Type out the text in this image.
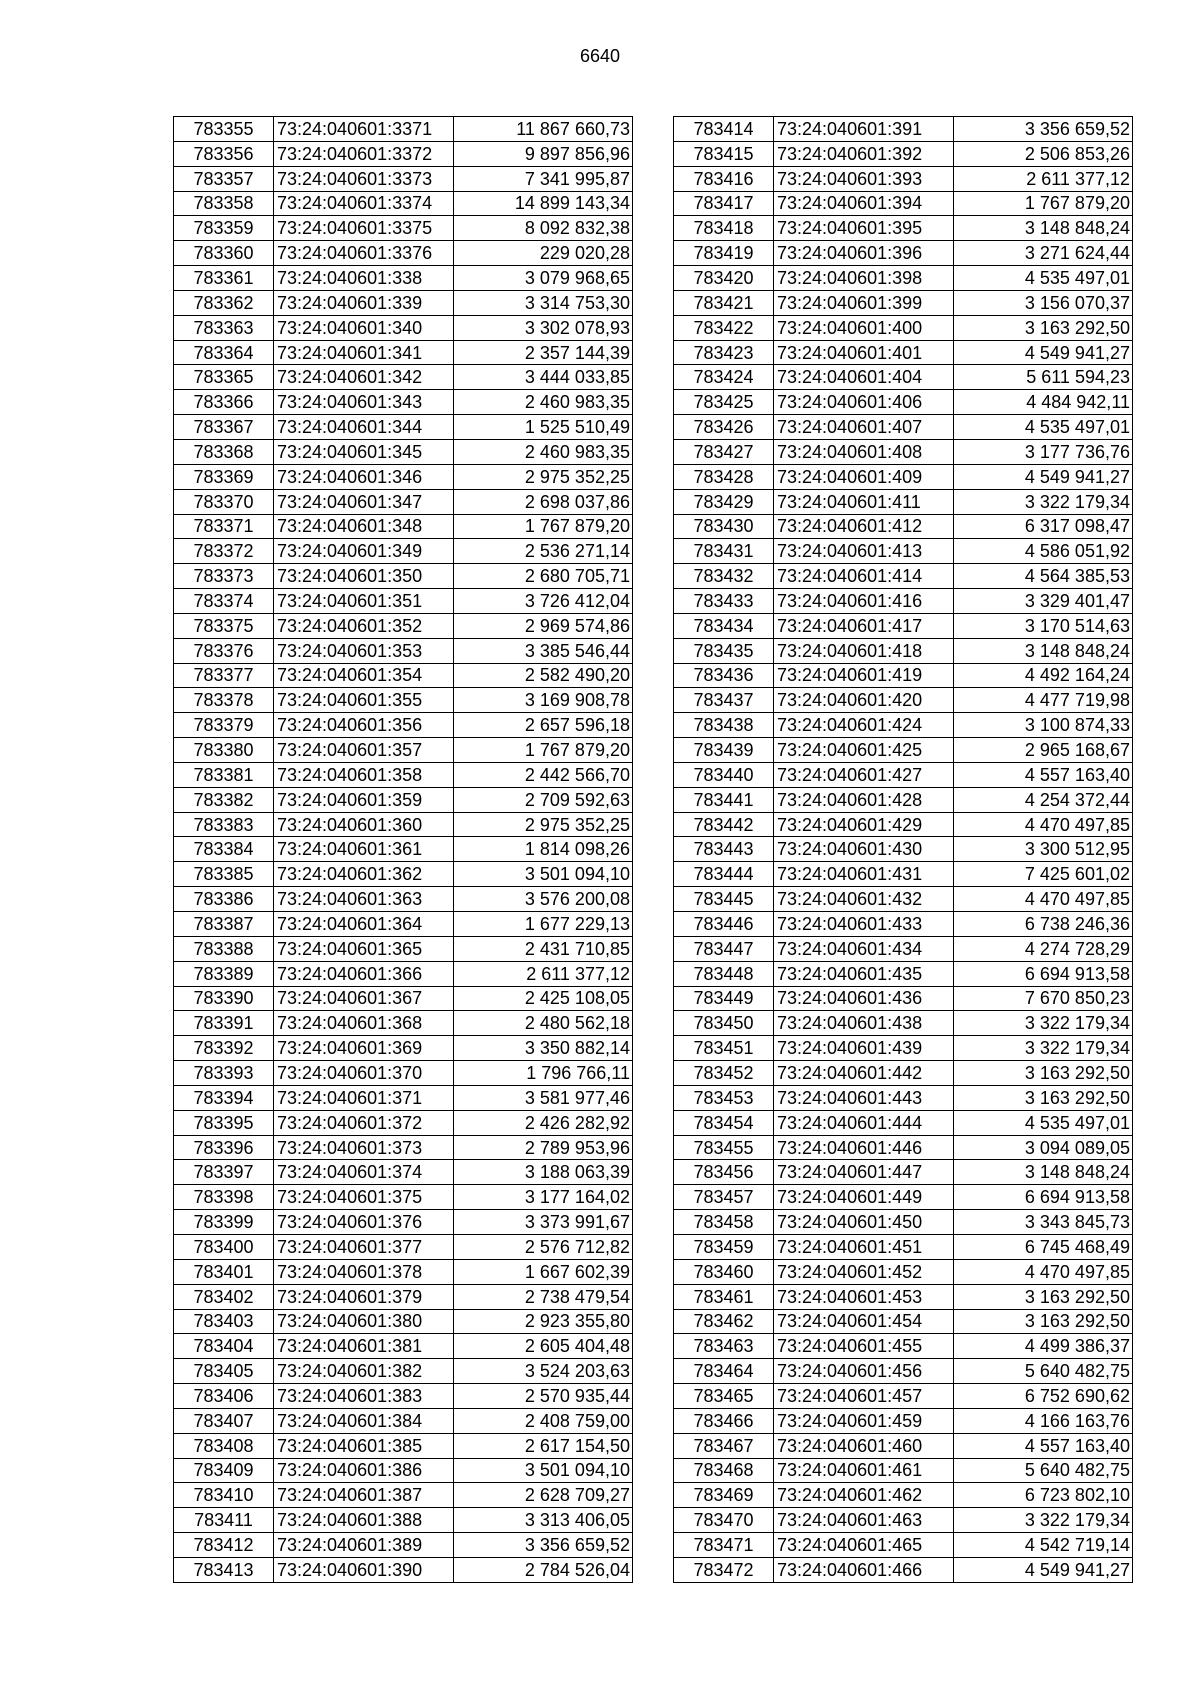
6640
783355	73:24:040601:3371	11 867 660,73
783356	73:24:040601:3372	9 897 856,96
783357	73:24:040601:3373	7 341 995,87
783358	73:24:040601:3374	14 899 143,34
783359	73:24:040601:3375	8 092 832,38
783360	73:24:040601:3376	229 020,28
783361	73:24:040601:338	3 079 968,65
783362	73:24:040601:339	3 314 753,30
783363	73:24:040601:340	3 302 078,93
783364	73:24:040601:341	2 357 144,39
783365	73:24:040601:342	3 444 033,85
783366	73:24:040601:343	2 460 983,35
783367	73:24:040601:344	1 525 510,49
783368	73:24:040601:345	2 460 983,35
783369	73:24:040601:346	2 975 352,25
783370	73:24:040601:347	2 698 037,86
783371	73:24:040601:348	1 767 879,20
783372	73:24:040601:349	2 536 271,14
783373	73:24:040601:350	2 680 705,71
783374	73:24:040601:351	3 726 412,04
783375	73:24:040601:352	2 969 574,86
783376	73:24:040601:353	3 385 546,44
783377	73:24:040601:354	2 582 490,20
783378	73:24:040601:355	3 169 908,78
783379	73:24:040601:356	2 657 596,18
783380	73:24:040601:357	1 767 879,20
783381	73:24:040601:358	2 442 566,70
783382	73:24:040601:359	2 709 592,63
783383	73:24:040601:360	2 975 352,25
783384	73:24:040601:361	1 814 098,26
783385	73:24:040601:362	3 501 094,10
783386	73:24:040601:363	3 576 200,08
783387	73:24:040601:364	1 677 229,13
783388	73:24:040601:365	2 431 710,85
783389	73:24:040601:366	2 611 377,12
783390	73:24:040601:367	2 425 108,05
783391	73:24:040601:368	2 480 562,18
783392	73:24:040601:369	3 350 882,14
783393	73:24:040601:370	1 796 766,11
783394	73:24:040601:371	3 581 977,46
783395	73:24:040601:372	2 426 282,92
783396	73:24:040601:373	2 789 953,96
783397	73:24:040601:374	3 188 063,39
783398	73:24:040601:375	3 177 164,02
783399	73:24:040601:376	3 373 991,67
783400	73:24:040601:377	2 576 712,82
783401	73:24:040601:378	1 667 602,39
783402	73:24:040601:379	2 738 479,54
783403	73:24:040601:380	2 923 355,80
783404	73:24:040601:381	2 605 404,48
783405	73:24:040601:382	3 524 203,63
783406	73:24:040601:383	2 570 935,44
783407	73:24:040601:384	2 408 759,00
783408	73:24:040601:385	2 617 154,50
783409	73:24:040601:386	3 501 094,10
783410	73:24:040601:387	2 628 709,27
783411	73:24:040601:388	3 313 406,05
783412	73:24:040601:389	3 356 659,52
783413	73:24:040601:390	2 784 526,04
783414	73:24:040601:391	3 356 659,52
783415	73:24:040601:392	2 506 853,26
783416	73:24:040601:393	2 611 377,12
783417	73:24:040601:394	1 767 879,20
783418	73:24:040601:395	3 148 848,24
783419	73:24:040601:396	3 271 624,44
783420	73:24:040601:398	4 535 497,01
783421	73:24:040601:399	3 156 070,37
783422	73:24:040601:400	3 163 292,50
783423	73:24:040601:401	4 549 941,27
783424	73:24:040601:404	5 611 594,23
783425	73:24:040601:406	4 484 942,11
783426	73:24:040601:407	4 535 497,01
783427	73:24:040601:408	3 177 736,76
783428	73:24:040601:409	4 549 941,27
783429	73:24:040601:411	3 322 179,34
783430	73:24:040601:412	6 317 098,47
783431	73:24:040601:413	4 586 051,92
783432	73:24:040601:414	4 564 385,53
783433	73:24:040601:416	3 329 401,47
783434	73:24:040601:417	3 170 514,63
783435	73:24:040601:418	3 148 848,24
783436	73:24:040601:419	4 492 164,24
783437	73:24:040601:420	4 477 719,98
783438	73:24:040601:424	3 100 874,33
783439	73:24:040601:425	2 965 168,67
783440	73:24:040601:427	4 557 163,40
783441	73:24:040601:428	4 254 372,44
783442	73:24:040601:429	4 470 497,85
783443	73:24:040601:430	3 300 512,95
783444	73:24:040601:431	7 425 601,02
783445	73:24:040601:432	4 470 497,85
783446	73:24:040601:433	6 738 246,36
783447	73:24:040601:434	4 274 728,29
783448	73:24:040601:435	6 694 913,58
783449	73:24:040601:436	7 670 850,23
783450	73:24:040601:438	3 322 179,34
783451	73:24:040601:439	3 322 179,34
783452	73:24:040601:442	3 163 292,50
783453	73:24:040601:443	3 163 292,50
783454	73:24:040601:444	4 535 497,01
783455	73:24:040601:446	3 094 089,05
783456	73:24:040601:447	3 148 848,24
783457	73:24:040601:449	6 694 913,58
783458	73:24:040601:450	3 343 845,73
783459	73:24:040601:451	6 745 468,49
783460	73:24:040601:452	4 470 497,85
783461	73:24:040601:453	3 163 292,50
783462	73:24:040601:454	3 163 292,50
783463	73:24:040601:455	4 499 386,37
783464	73:24:040601:456	5 640 482,75
783465	73:24:040601:457	6 752 690,62
783466	73:24:040601:459	4 166 163,76
783467	73:24:040601:460	4 557 163,40
783468	73:24:040601:461	5 640 482,75
783469	73:24:040601:462	6 723 802,10
783470	73:24:040601:463	3 322 179,34
783471	73:24:040601:465	4 542 719,14
783472	73:24:040601:466	4 549 941,27
